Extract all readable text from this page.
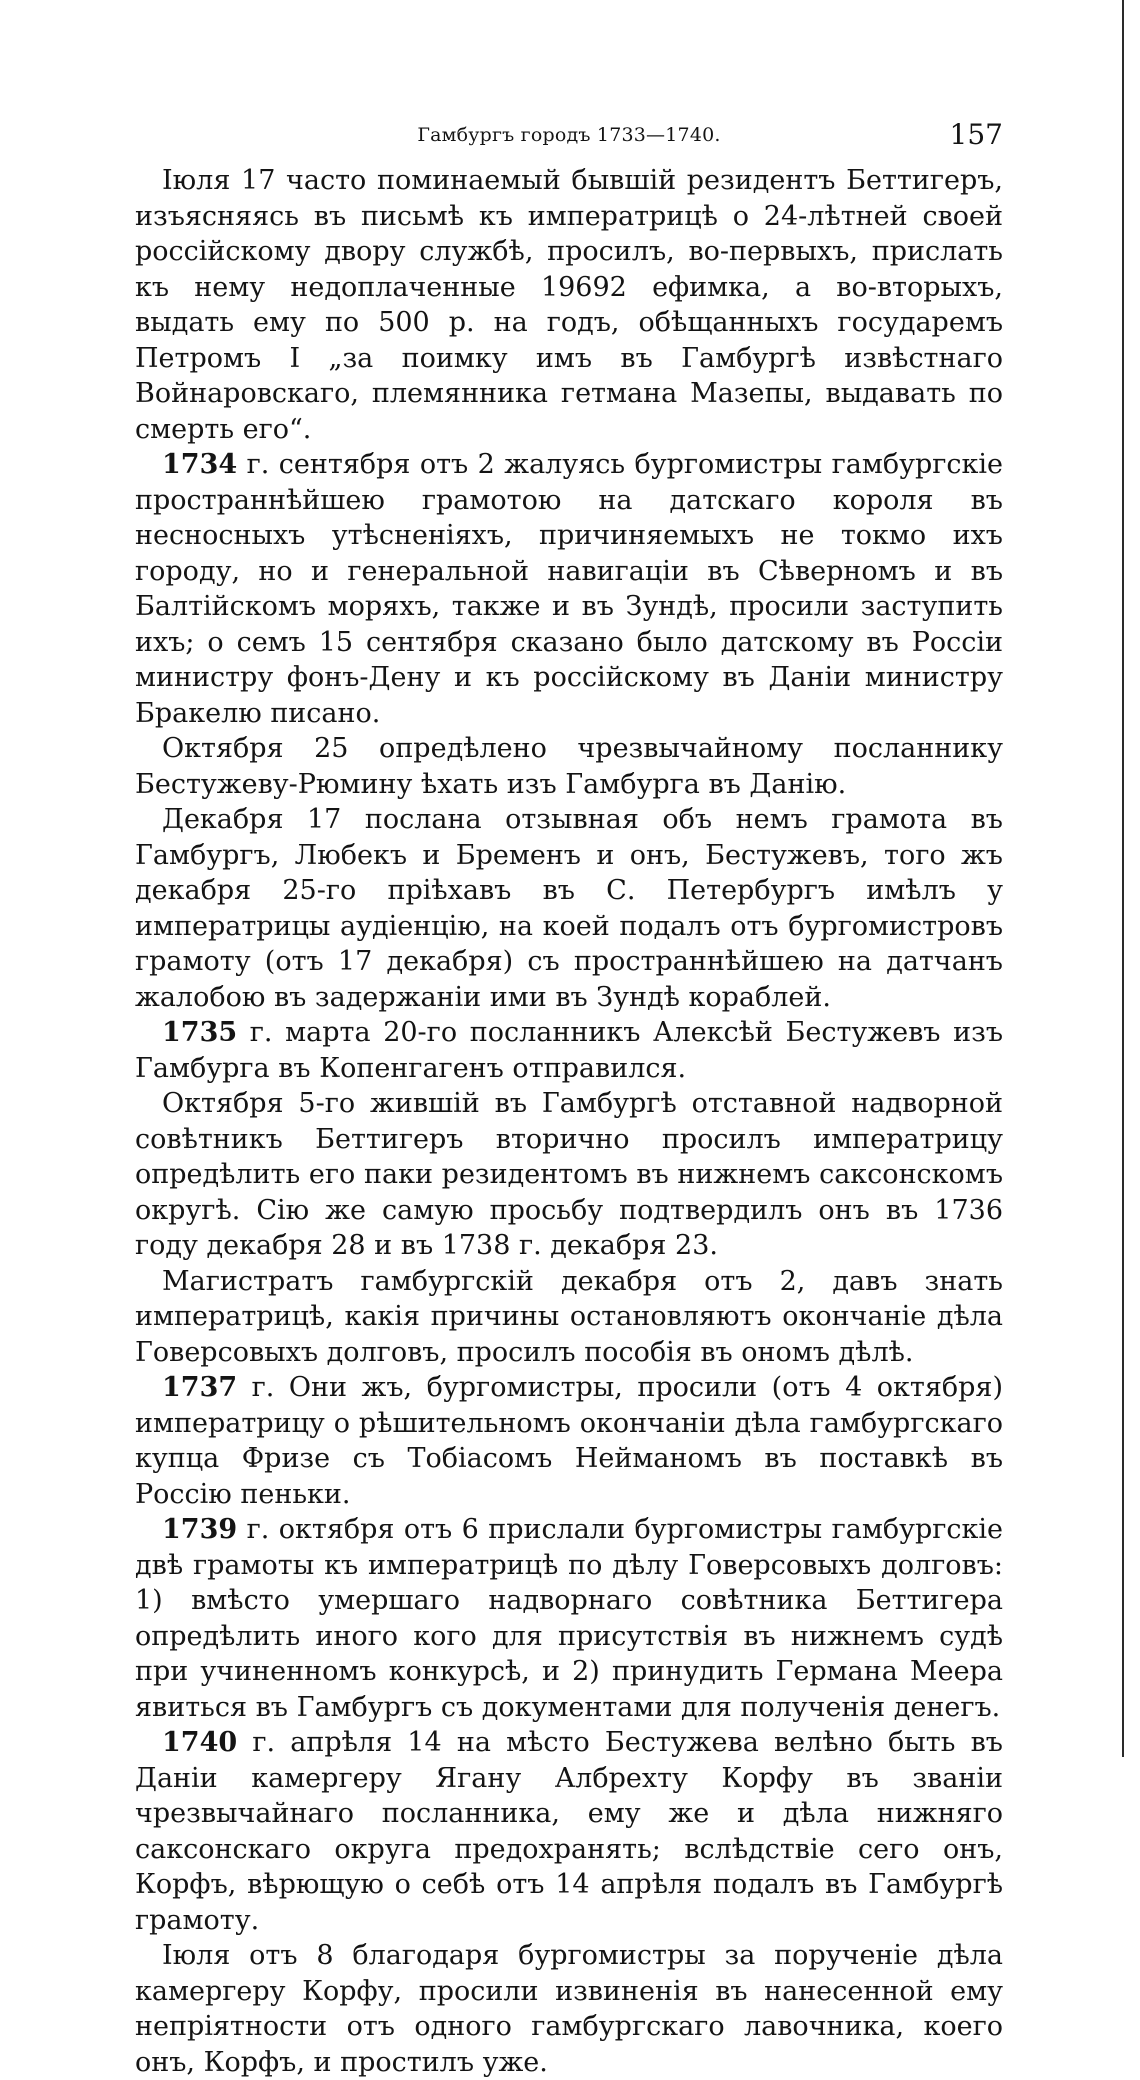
Гамбургъ городъ 1733—1740.	157

Іюля 17 часто поминаемый бывшій резидентъ Беттигеръ, изъясняясь въ письмѣ къ императрицѣ о 24-лѣтней своей россійскому двору службѣ, просилъ, во-первыхъ, прислать къ нему недоплаченные 19692 ефимка, а во-вторыхъ, выдать ему по 500 р. на годъ, обѣщанныхъ государемъ Петромъ I „за поимку имъ въ Гамбургѣ извѣстнаго Войнаровскаго, племянника гетмана Мазепы, выдавать по смерть его“.

1734 г. сентября отъ 2 жалуясь бургомистры гамбургскіе пространнѣйшею грамотою на датскаго короля въ несносныхъ утѣсненіяхъ, причиняемыхъ не токмо ихъ городу, но и генеральной навигаціи въ Сѣверномъ и въ Балтійскомъ моряхъ, также и въ Зундѣ, просили заступить ихъ; о семъ 15 сентября сказано было датскому въ Россіи министру фонъ-Дену и къ россійскому въ Даніи министру Бракелю писано.

Октября 25 опредѣлено чрезвычайному посланнику Бестужеву-Рюмину ѣхать изъ Гамбурга въ Данію.

Декабря 17 послана отзывная объ немъ грамота въ Гамбургъ, Любекъ и Бременъ и онъ, Бестужевъ, того жъ декабря 25-го пріѣхавъ въ С. Петербургъ имѣлъ у императрицы аудіенцію, на коей подалъ отъ бургомистровъ грамоту (отъ 17 декабря) съ пространнѣйшею на датчанъ жалобою въ задержаніи ими въ Зундѣ кораблей.

1735 г. марта 20-го посланникъ Алексѣй Бестужевъ изъ Гамбурга въ Копенгагенъ отправился.

Октября 5-го жившій въ Гамбургѣ отставной надворной совѣтникъ Беттигеръ вторично просилъ императрицу опредѣлить его паки резидентомъ въ нижнемъ саксонскомъ округѣ. Сію же самую просьбу подтвердилъ онъ въ 1736 году декабря 28 и въ 1738 г. декабря 23.

Магистратъ гамбургскій декабря отъ 2, давъ знать императрицѣ, какія причины остановляютъ окончаніе дѣла Говерсовыхъ долговъ, просилъ пособія въ ономъ дѣлѣ.

1737 г. Они жъ, бургомистры, просили (отъ 4 октября) императрицу о рѣшительномъ окончаніи дѣла гамбургскаго купца Фризе съ Тобіасомъ Нейманомъ въ поставкѣ въ Россію пеньки.

1739 г. октября отъ 6 прислали бургомистры гамбургскіе двѣ грамоты къ императрицѣ по дѣлу Говерсовыхъ долговъ: 1) вмѣсто умершаго надворнаго совѣтника Беттигера опредѣлить иного кого для присутствія въ нижнемъ судѣ при учиненномъ конкурсѣ, и 2) принудить Германа Меера явиться въ Гамбургъ съ документами для полученія денегъ.

1740 г. апрѣля 14 на мѣсто Бестужева велѣно быть въ Даніи камергеру Ягану Албрехту Корфу въ званіи чрезвычайнаго посланника, ему же и дѣла нижняго саксонскаго округа предохранять; вслѣдствіе сего онъ, Корфъ, вѣрющую о себѣ отъ 14 апрѣля подалъ въ Гамбургѣ грамоту.

Іюля отъ 8 благодаря бургомистры за порученіе дѣла камергеру Корфу, просили извиненія въ нанесенной ему непріятности отъ одного гамбургскаго лавочника, коего онъ, Корфъ, и простилъ уже.
